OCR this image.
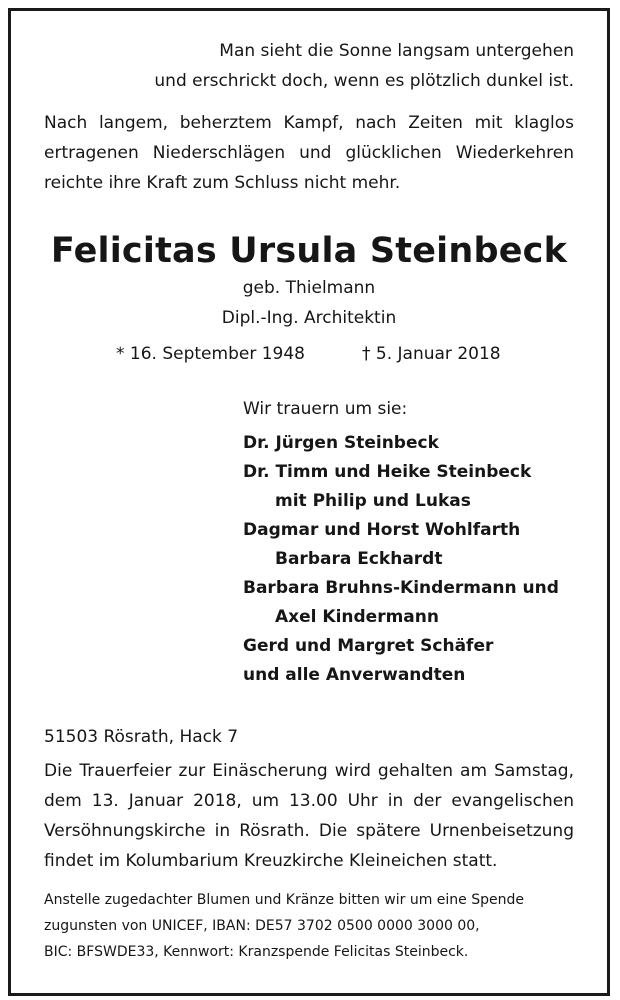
Man sieht die Sonne langsam untergehen
und erschrickt doch, wenn es plötzlich dunkel ist.
Nach langem, beherztem Kampf, nach Zeiten mit klaglos
ertragenen Niederschlägen und glücklichen Wiederkehren
reichte ihre Kraft zum Schluss nicht mehr.
Felicitas Ursula Steinbeck
geb. Thielmann
Dipl.-Ing. Architektin
* 16. September 1948	† 5. Januar 2018
Wir trauern um sie:
Dr. Jürgen Steinbeck
Dr. Timm und Heike Steinbeck
mit Philip und Lukas
Dagmar und Horst Wohlfarth
Barbara Eckhardt
Barbara Bruhns-Kindermann und
Axel Kindermann
Gerd und Margret Schäfer
und alle Anverwandten
51503 Rösrath, Hack 7
Die Trauerfeier zur Einäscherung wird gehalten am Samstag,
dem 13. Januar 2018, um 13.00 Uhr in der evangelischen
Versöhnungskirche in Rösrath. Die spätere Urnenbeisetzung
findet im Kolumbarium Kreuzkirche Kleineichen statt.
Anstelle zugedachter Blumen und Kränze bitten wir um eine Spende
zugunsten von UNICEF, IBAN: DE57 3702 0500 0000 3000 00,
BIC: BFSWDE33, Kennwort: Kranzspende Felicitas Steinbeck.
